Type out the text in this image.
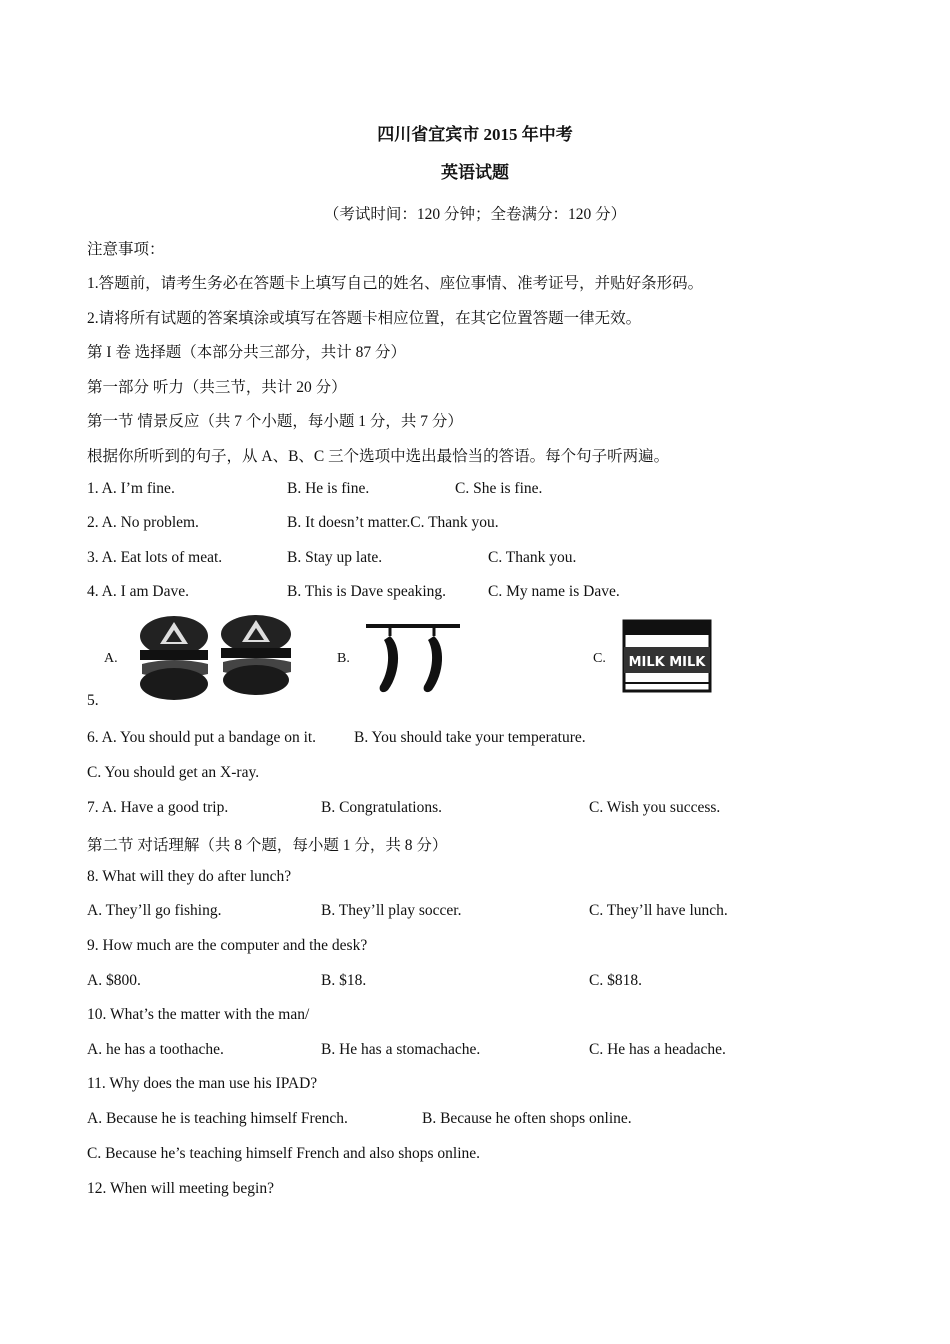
四川省宜宾市 2015 年中考
英语试题
（考试时间：120 分钟；全卷满分：120 分）
注意事项：
1.答题前，请考生务必在答题卡上填写自己的姓名、座位事情、准考证号，并贴好条形码。
2.请将所有试题的答案填涂或填写在答题卡相应位置，在其它位置答题一律无效。
第 I 卷 选择题（本部分共三部分，共计 87 分）
第一部分 听力（共三节，共计 20 分）
第一节 情景反应（共 7 个小题，每小题 1 分，共 7 分）
根据你所听到的句子，从 A、B、C 三个选项中选出最恰当的答语。每个句子听两遍。
1. A. I’m fine.	B. He is fine.	C. She is fine.
2. A. No problem.	B. It doesn’t matter.C. Thank you.
3. A. Eat lots of meat.	B. Stay up late.	C. Thank you.
4. A. I am Dave.	B. This is Dave speaking.	C. My name is Dave.
A.	B.	C. MILK MILK
5.
6. A. You should put a bandage on it. B. You should take your temperature.
C. You should get an X-ray.
7. A. Have a good trip.	B. Congratulations.	C. Wish you success.
第二节 对话理解（共 8 个题，每小题 1 分，共 8 分）
8. What will they do after lunch?
A. They’ll go fishing.	B. They’ll play soccer.	C. They’ll have lunch.
9. How much are the computer and the desk?
A. $800.	B. $18.	C. $818.
10. What’s the matter with the man/
A. he has a toothache.	B. He has a stomachache.	C. He has a headache.
11. Why does the man use his IPAD?
A. Because he is teaching himself French.	B. Because he often shops online.
C. Because he’s teaching himself French and also shops online.
12. When will meeting begin?
